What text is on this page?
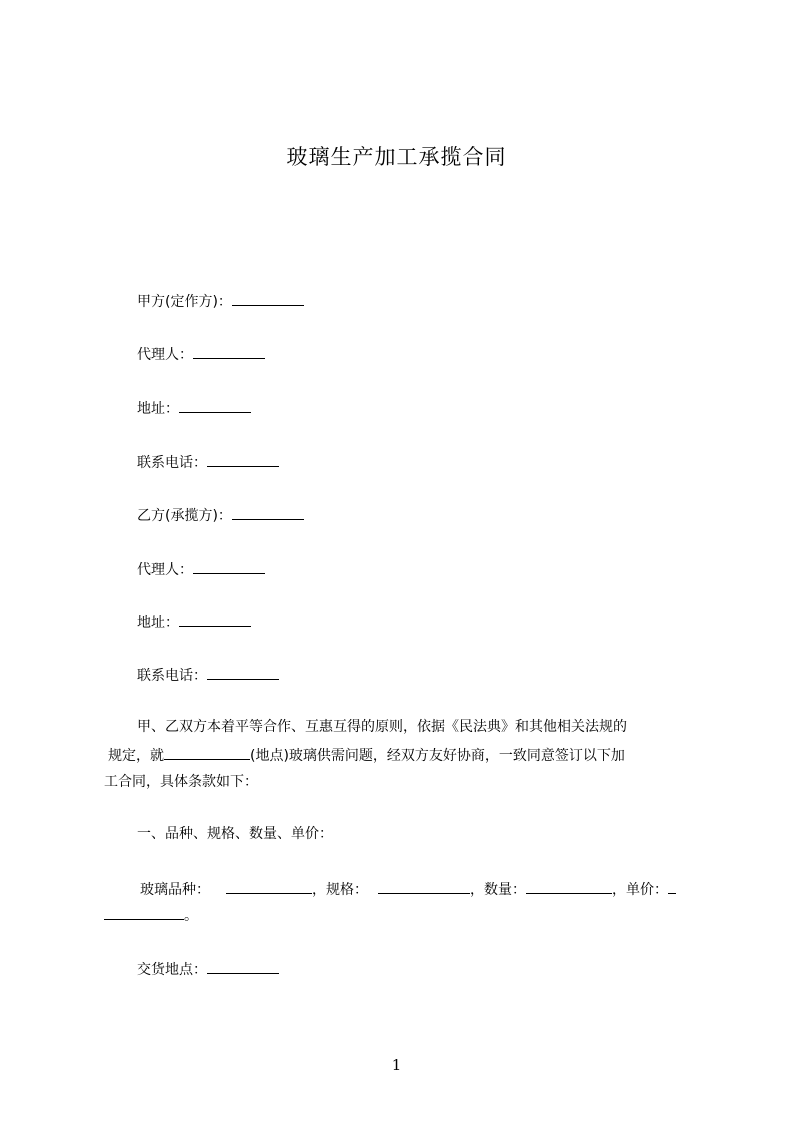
玻璃生产加工承揽合同
甲方(定作方)：
代理人：
地址：
联系电话：
乙方(承揽方)：
代理人：
地址：
联系电话：
甲、乙双方本着平等合作、互惠互得的原则，依据《民法典》和其他相关法规的
规定，就	(地点)玻璃供需问题，经双方友好协商，一致同意签订以下加
工合同，具体条款如下：
一、品种、规格、数量、单价：
玻璃品种：	，规格：	，数量：	，单价：
。
交货地点：
1
